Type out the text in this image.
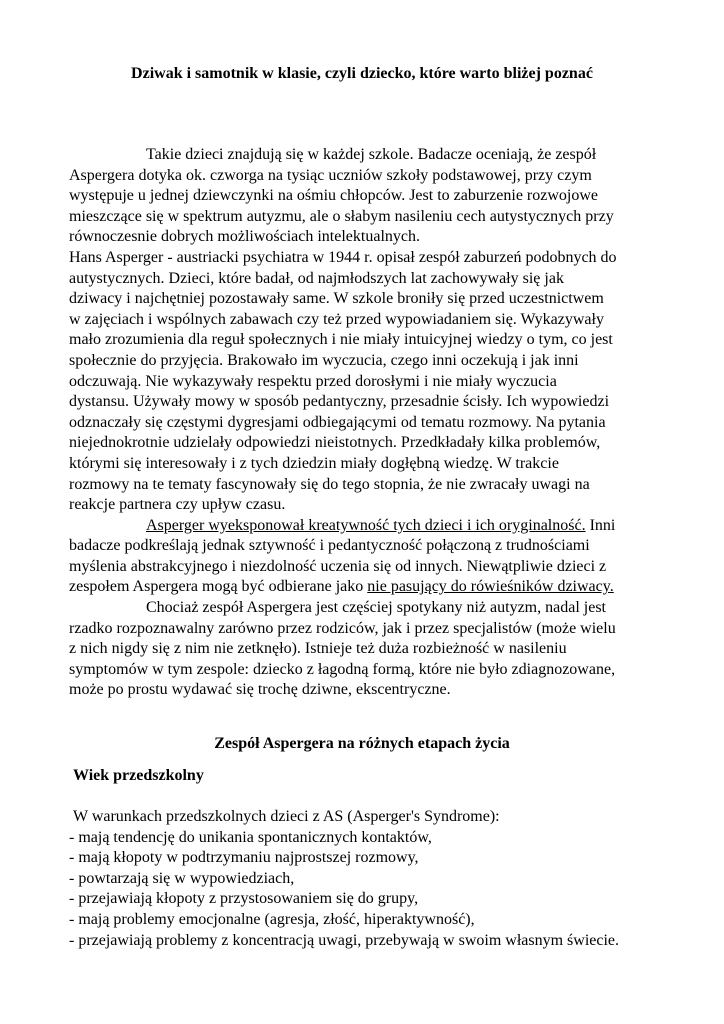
Dziwak i samotnik w klasie, czyli dziecko, które warto bliżej poznać
Takie dzieci znajdują się w każdej szkole. Badacze oceniają, że zespół
Aspergera dotyka ok. czworga na tysiąc uczniów szkoły podstawowej, przy czym
występuje u jednej dziewczynki na ośmiu chłopców. Jest to zaburzenie rozwojowe
mieszczące się w spektrum autyzmu, ale o słabym nasileniu cech autystycznych przy
równoczesnie dobrych możliwościach intelektualnych.
Hans Asperger - austriacki psychiatra w 1944 r. opisał zespół zaburzeń podobnych do
autystycznych. Dzieci, które badał, od najmłodszych lat zachowywały się jak
dziwacy i najchętniej pozostawały same. W szkole broniły się przed uczestnictwem
w zajęciach i wspólnych zabawach czy też przed wypowiadaniem się. Wykazywały
mało zrozumienia dla reguł społecznych i nie miały intuicyjnej wiedzy o tym, co jest
społecznie do przyjęcia. Brakowało im wyczucia, czego inni oczekują i jak inni
odczuwają. Nie wykazywały respektu przed dorosłymi i nie miały wyczucia
dystansu. Używały mowy w sposób pedantyczny, przesadnie ścisły. Ich wypowiedzi
odznaczały się częstymi dygresjami odbiegającymi od tematu rozmowy. Na pytania
niejednokrotnie udzielały odpowiedzi nieistotnych. Przedkładały kilka problemów,
którymi się interesowały i z tych dziedzin miały dogłębną wiedzę. W trakcie
rozmowy na te tematy fascynowały się do tego stopnia, że nie zwracały uwagi na
reakcje partnera czy upływ czasu.
Asperger wyeksponował kreatywność tych dzieci i ich oryginalność. Inni
badacze podkreślają jednak sztywność i pedantyczność połączoną z trudnościami
myślenia abstrakcyjnego i niezdolność uczenia się od innych. Niewątpliwie dzieci z
zespołem Aspergera mogą być odbierane jako nie pasujący do rówieśników dziwacy.
Chociaż zespół Aspergera jest częściej spotykany niż autyzm, nadal jest
rzadko rozpoznawalny zarówno przez rodziców, jak i przez specjalistów (może wielu
z nich nigdy się z nim nie zetknęło). Istnieje też duża rozbieżność w nasileniu
symptomów w tym zespole: dziecko z łagodną formą, które nie było zdiagnozowane,
może po prostu wydawać się trochę dziwne, ekscentryczne.
Zespół Aspergera na różnych etapach życia
Wiek przedszkolny
W warunkach przedszkolnych dzieci z AS (Asperger's Syndrome):
- mają tendencję do unikania spontanicznych kontaktów,
- mają kłopoty w podtrzymaniu najprostszej rozmowy,
- powtarzają się w wypowiedziach,
- przejawiają kłopoty z przystosowaniem się do grupy,
- mają problemy emocjonalne (agresja, złość, hiperaktywność),
- przejawiają problemy z koncentracją uwagi, przebywają w swoim własnym świecie.
